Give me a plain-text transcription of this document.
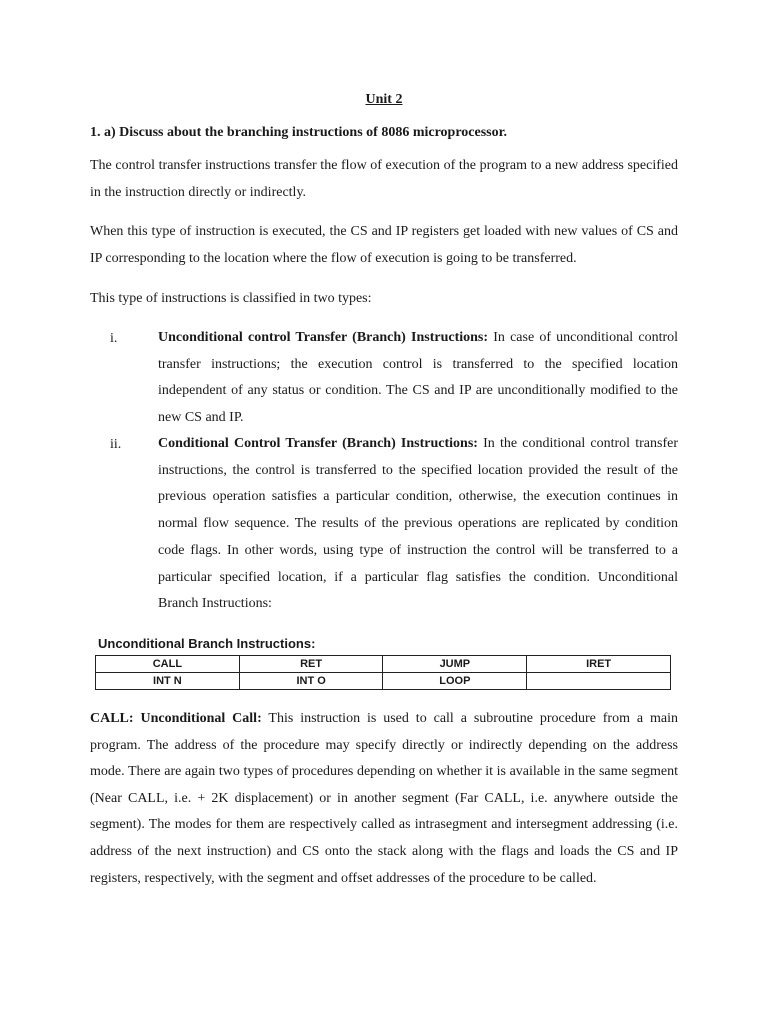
Unit 2
1. a) Discuss about the branching instructions of 8086 microprocessor.

The control transfer instructions transfer the flow of execution of the program to a new address specified in the instruction directly or indirectly.

When this type of instruction is executed, the CS and IP registers get loaded with new values of CS and IP corresponding to the location where the flow of execution is going to be transferred.

This type of instructions is classified in two types:

i.	Unconditional control Transfer (Branch) Instructions: In case of unconditional control transfer instructions; the execution control is transferred to the specified location independent of any status or condition. The CS and IP are unconditionally modified to the new CS and IP.

ii.	Conditional Control Transfer (Branch) Instructions: In the conditional control transfer instructions, the control is transferred to the specified location provided the result of the previous operation satisfies a particular condition, otherwise, the execution continues in normal flow sequence. The results of the previous operations are replicated by condition code flags. In other words, using type of instruction the control will be transferred to a particular specified location, if a particular flag satisfies the condition. Unconditional Branch Instructions:

Unconditional Branch Instructions:
CALL	RET	JUMP	IRET
INT N	INT O	LOOP	

CALL: Unconditional Call: This instruction is used to call a subroutine procedure from a main program. The address of the procedure may specify directly or indirectly depending on the address mode. There are again two types of procedures depending on whether it is available in the same segment (Near CALL, i.e. + 2K displacement) or in another segment (Far CALL, i.e. anywhere outside the segment). The modes for them are respectively called as intrasegment and intersegment addressing (i.e. address of the next instruction) and CS onto the stack along with the flags and loads the CS and IP registers, respectively, with the segment and offset addresses of the procedure to be called.
